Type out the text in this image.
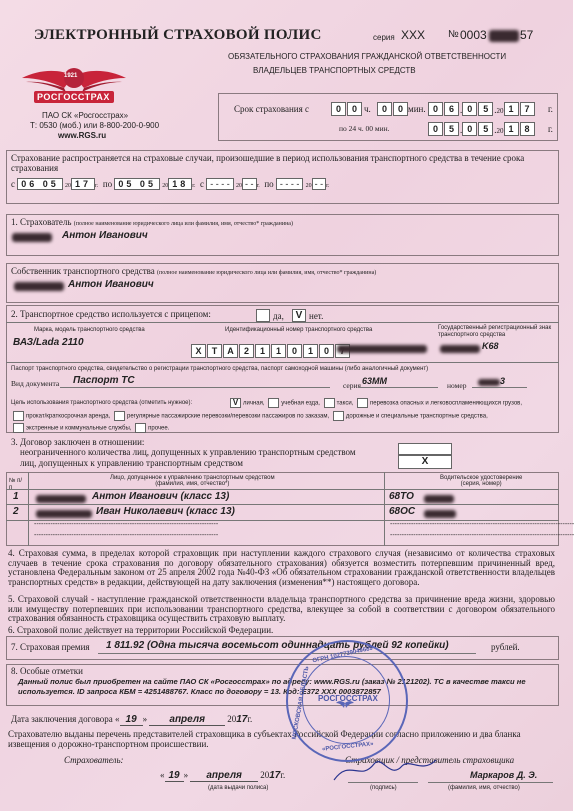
1921
РОСГОССТРАХ
ПАО СК «Росгосстрах»
Т: 0530 (моб.) или 8-800-200-0-900
www.RGS.ru
ЭЛЕКТРОННЫЙ СТРАХОВОЙ ПОЛИС	серия XXX № 0003	57
ОБЯЗАТЕЛЬНОГО СТРАХОВАНИЯ ГРАЖДАНСКОЙ ОТВЕТСТВЕННОСТИ
ВЛАДЕЛЬЦЕВ ТРАНСПОРТНЫХ СРЕДСТВ
Срок страхования с	0 0 ч.	0 0 мин. 0 6 . 0 5 .20 1 7	г.
по 24 ч. 00 мин.	0 5 . 0 5 .20 1 8	г.
Страхование распространяется на страховые случаи, произошедшие в период использования транспортного средства в течение срока страхования
с 06 05 20 17 г. по 05 05 20 18 г. с - - - - 20 - - г. по - - - - 20 - - г.
1. Страхователь (полное наименование юридического лица или фамилия, имя, отчество* гражданина)
Антон Иванович
Собственник транспортного средства (полное наименование юридического лица или фамилия, имя, отчество* гражданина)
Антон Иванович
2. Транспортное средство используется с прицепом:	да,	V нет.
Марка, модель транспортного средства
ВАЗ/Lada 2110
Идентификационный номер транспортного средства
X T A 2 1 1 0 1 0
Государственный регистрационный знак транспортного средства
K68
Паспорт транспортного средства, свидетельство о регистрации транспортного средства, паспорт самоходной машины (либо аналогичный документ)
Вид документа Паспорт ТС	серия 63ММ	номер	3
Цель использования транспортного средства (отметить нужное):	V личная,	учебная езда,	такси,	перевозка опасных и легковоспламеняющихся грузов,
прокат/краткосрочная аренда,	регулярные пассажирские перевозки/перевозки пассажиров по заказам,	дорожные и специальные транспортные средства,
экстренные и коммунальные службы,	прочее.
3. Договор заключен в отношении:
неограниченного количества лиц, допущенных к управлению транспортным средством
лиц, допущенных к управлению транспортным средством	X
№ п/п
Лицо, допущенное к управлению транспортным средством
(фамилия, имя, отчество*)
Водительское удостоверение
(серия, номер)
1	Антон Иванович (класс 13)	68ТО
2	Иван Николаевич (класс 13)	68ОС
-------------------------------------------------------------------------------
-------------------------------------------------------------------------------
-------------------------------------------------------------------------------
-------------------------------------------------------------------------------
4. Страховая сумма, в пределах которой страховщик при наступлении каждого страхового случая (независимо от количества страховых случаев в течение срока страхования по договору обязательного страхования) обязуется возместить потерпевшим причиненный вред, установлена Федеральным законом от 25 апреля 2002 года №40-ФЗ «Об обязательном страховании гражданской ответственности владельцев транспортных средств» в редакции, действующей на дату заключения (изменения**) настоящего договора.
5. Страховой случай - наступление гражданской ответственности владельца транспортного средства за причинение вреда жизни, здоровью или имуществу потерпевших при использовании транспортного средства, влекущее за собой в соответствии с договором обязательного страхования обязанность страховщика осуществить страховую выплату.
6. Страховой полис действует на территории Российской Федерации.
7. Страховая премия 1 811.92 (Одна тысяча восемьсот одиннадцать рублей 92 копейки)	рублей.
8. Особые отметки
Данный полис был приобретен на сайте ПАО СК «Росгосстрах» по адресу: www.RGS.ru (заказ № 2121202). ТС в качестве такси не
используется. ID запроса КБМ = 4251488767. Класс по договору = 13. Код: Е372 XXX 0003872857
Дата заключения договора « 19 » апреля 2017г.
Страхователю выданы перечень представителей страховщика в субъектах Российской Федерации согласно приложению и два бланка извещения о дорожно-транспортном происшествии.
Страхователь:	Страховщик / представитель страховщика
« 19 » апреля 2017г.
(дата выдачи полиса)	(подпись)
Маркаров Д. Э.
(фамилия, имя, отчество)
ОГРН 1027739049689
РОСГОССТРАХ
МОСКОВСКАЯ ОБЛАСТЬ
«РОСГОССТРАХ»
